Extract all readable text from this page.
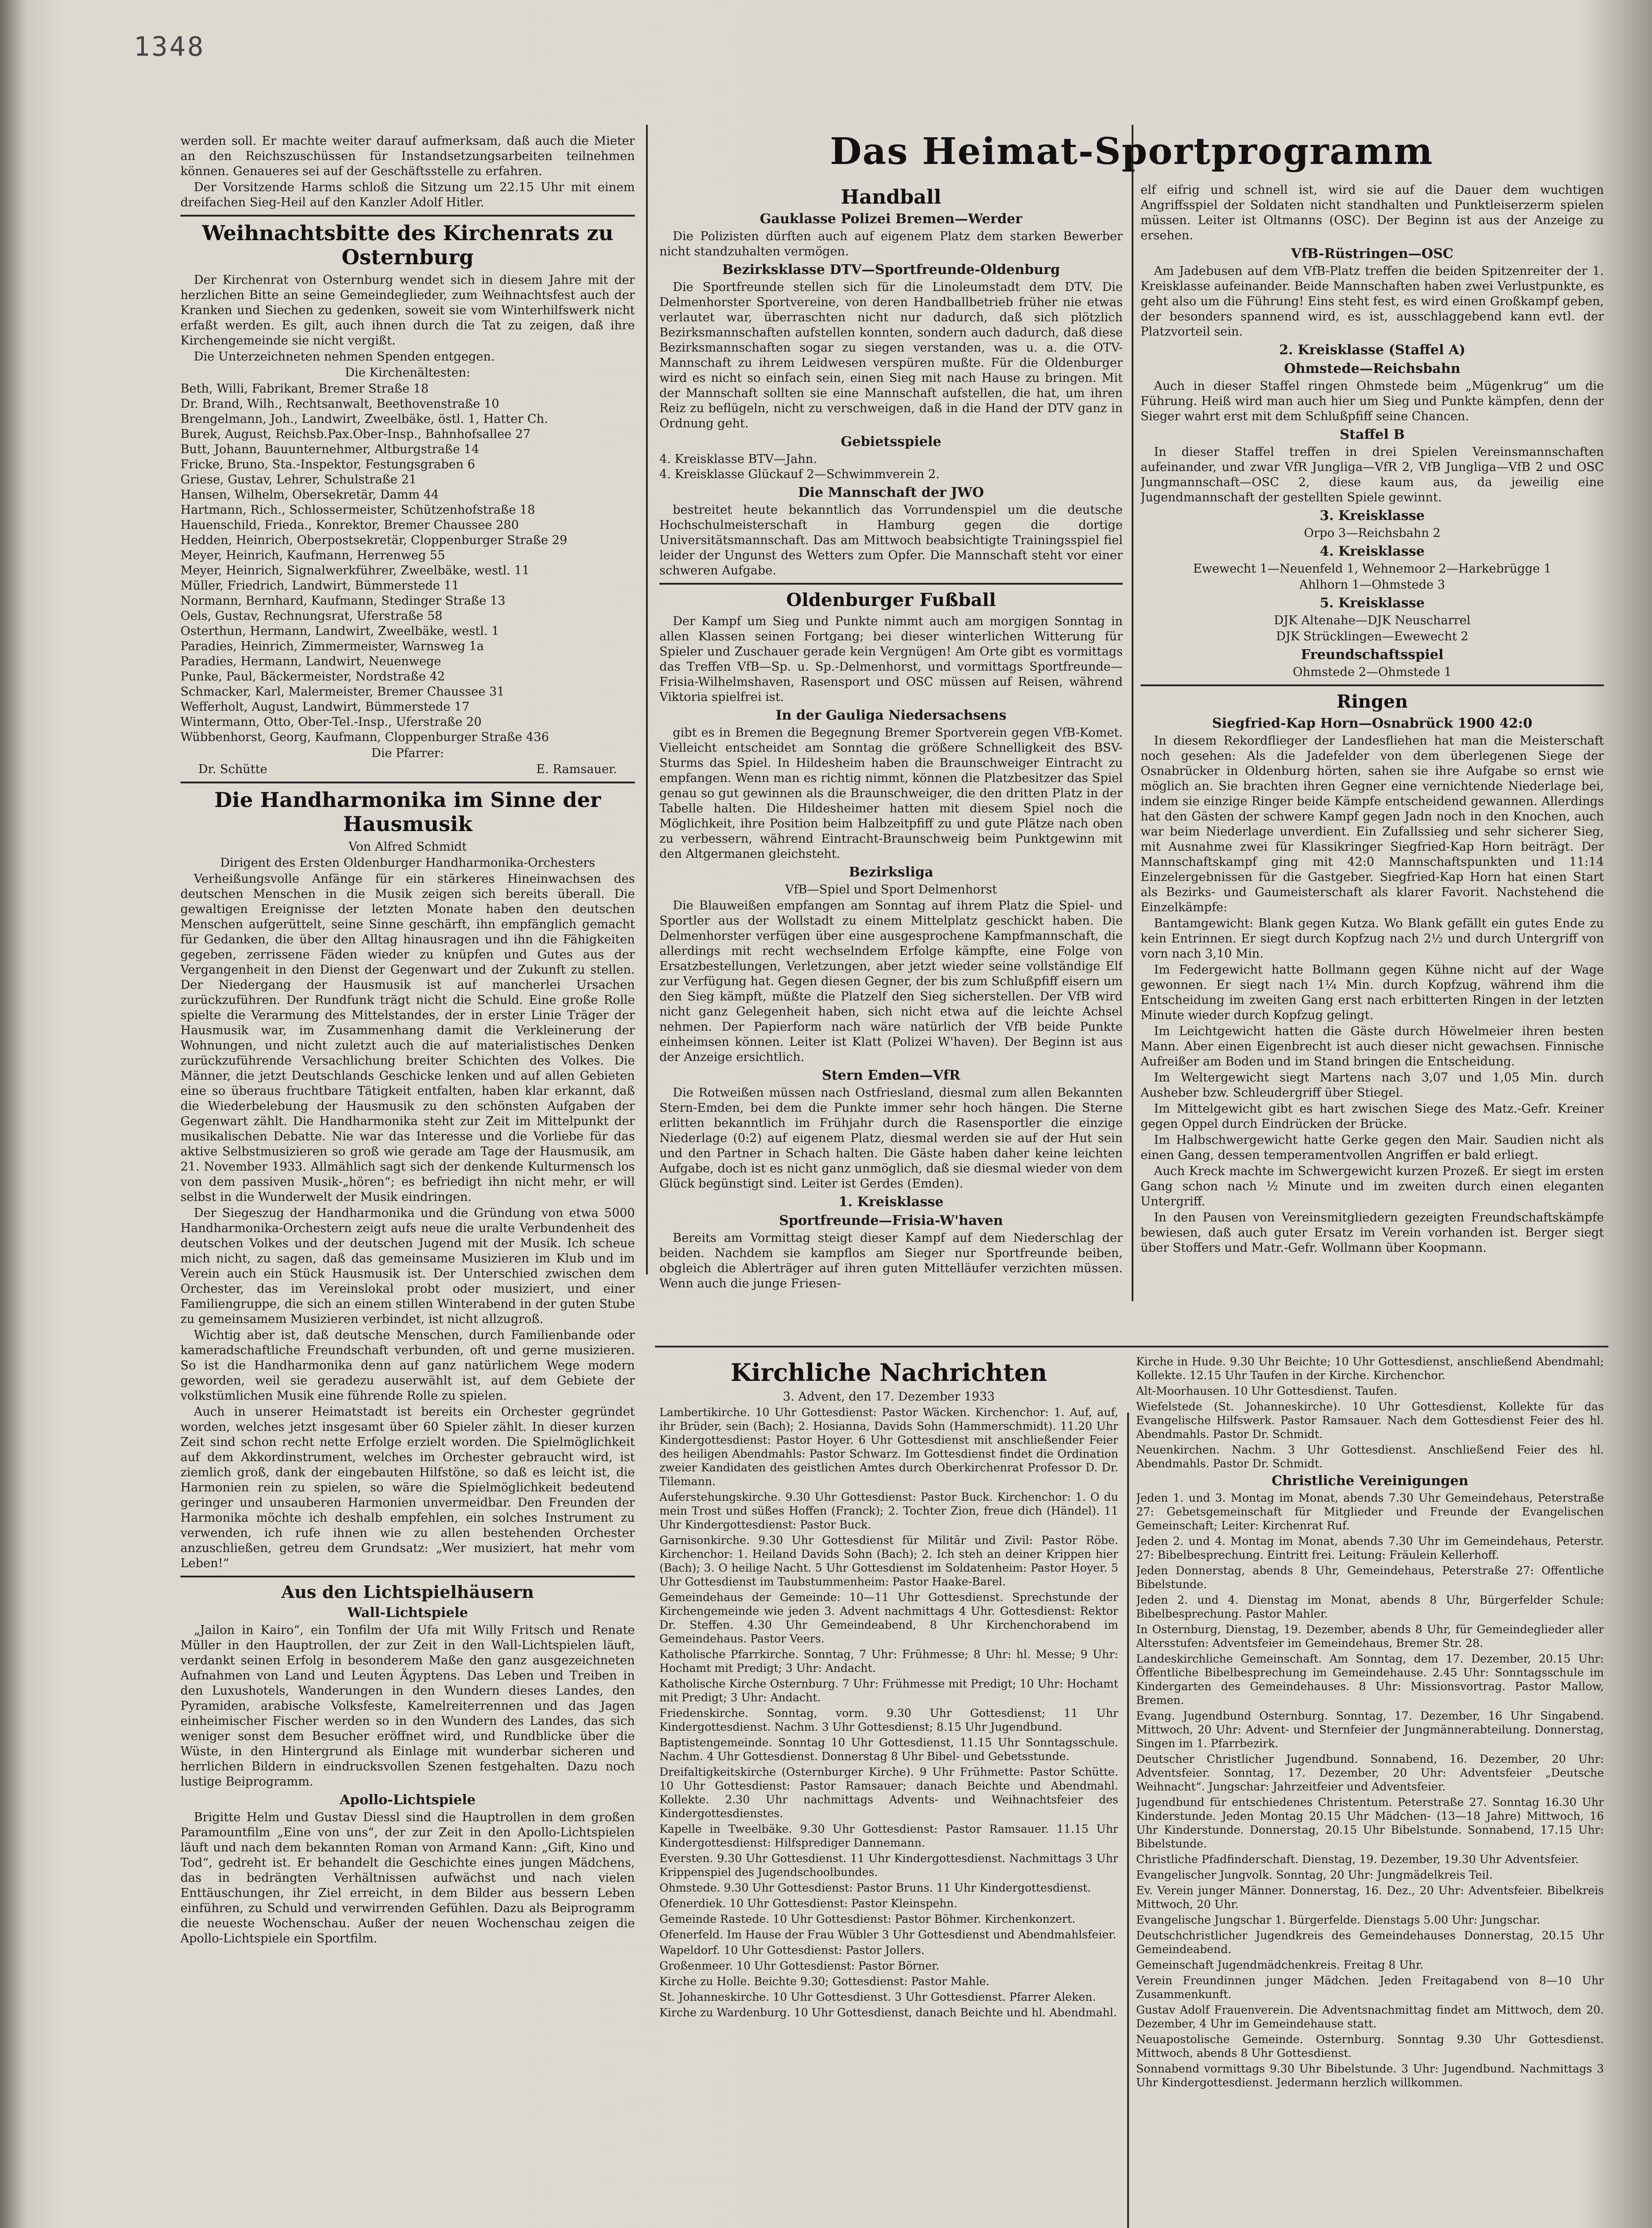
1348

werden soll. Er machte weiter darauf aufmerksam, daß auch die Mieter an den Reichszuschüssen für Instandsetzungsarbeiten teilnehmen können. Genaueres sei auf der Geschäftsstelle zu erfahren.

Der Vorsitzende Harms schloß die Sitzung um 22.15 Uhr mit einem dreifachen Sieg-Heil auf den Kanzler Adolf Hitler.

Weihnachtsbitte des Kirchenrats zu Osternburg

Der Kirchenrat von Osternburg wendet sich in diesem Jahre mit der herzlichen Bitte an seine Gemeindeglieder, zum Weihnachtsfest auch der Kranken und Siechen zu gedenken, soweit sie vom Winterhilfswerk nicht erfaßt werden. Es gilt, auch ihnen durch die Tat zu zeigen, daß ihre Kirchengemeinde sie nicht vergißt.

Die Unterzeichneten nehmen Spenden entgegen.

Die Kirchenältesten:
Beth, Willi, Fabrikant, Bremer Straße 18
Dr. Brand, Wilh., Rechtsanwalt, Beethovenstraße 10
Brengelmann, Joh., Landwirt, Zweelbäke, östl. 1, Hatter Ch.
Burek, August, Reichsb.Pax.Ober-Insp., Bahnhofsallee 27
Butt, Johann, Bauunternehmer, Altburgstraße 14
Fricke, Bruno, Sta.-Inspektor, Festungsgraben 6
Griese, Gustav, Lehrer, Schulstraße 21
Hansen, Wilhelm, Obersekretär, Damm 44
Hartmann, Rich., Schlossermeister, Schützenhofstraße 18
Hauenschild, Frieda., Konrektor, Bremer Chaussee 280
Hedden, Heinrich, Oberpostsekretär, Cloppenburger Straße 29
Meyer, Heinrich, Kaufmann, Herrenweg 55
Meyer, Heinrich, Signalwerkführer, Zweelbäke, westl. 11
Müller, Friedrich, Landwirt, Bümmerstede 11
Normann, Bernhard, Kaufmann, Stedinger Straße 13
Oels, Gustav, Rechnungsrat, Uferstraße 58
Osterthun, Hermann, Landwirt, Zweelbäke, westl. 1
Paradies, Heinrich, Zimmermeister, Warnsweg 1a
Paradies, Hermann, Landwirt, Neuenwege
Punke, Paul, Bäckermeister, Nordstraße 42
Schmacker, Karl, Malermeister, Bremer Chaussee 31
Wefferholt, August, Landwirt, Bümmerstede 17
Wintermann, Otto, Ober-Tel.-Insp., Uferstraße 20
Wübbenhorst, Georg, Kaufmann, Cloppenburger Straße 436
Die Pfarrer:
Dr. Schütte	E. Ramsauer.
Die Handharmonika im Sinne der Hausmusik
Von Alfred Schmidt
Dirigent des Ersten Oldenburger Handharmonika-Orchesters

Verheißungsvolle Anfänge für ein stärkeres Hineinwachsen des deutschen Menschen in die Musik zeigen sich bereits überall. Die gewaltigen Ereignisse der letzten Monate haben den deutschen Menschen aufgerüttelt, seine Sinne geschärft, ihn empfänglich gemacht für Gedanken, die über den Alltag hinausragen und ihn die Fähigkeiten gegeben, zerrissene Fäden wieder zu knüpfen und Gutes aus der Vergangenheit in den Dienst der Gegenwart und der Zukunft zu stellen. Der Niedergang der Hausmusik ist auf mancherlei Ursachen zurückzuführen. Der Rundfunk trägt nicht die Schuld. Eine große Rolle spielte die Verarmung des Mittelstandes, der in erster Linie Träger der Hausmusik war, im Zusammenhang damit die Verkleinerung der Wohnungen, und nicht zuletzt auch die auf materialistisches Denken zurückzuführende Versachlichung breiter Schichten des Volkes. Die Männer, die jetzt Deutschlands Geschicke lenken und auf allen Gebieten eine so überaus fruchtbare Tätigkeit entfalten, haben klar erkannt, daß die Wiederbelebung der Hausmusik zu den schönsten Aufgaben der Gegenwart zählt. Die Handharmonika steht zur Zeit im Mittelpunkt der musikalischen Debatte. Nie war das Interesse und die Vorliebe für das aktive Selbstmusizieren so groß wie gerade am Tage der Hausmusik, am 21. November 1933. Allmählich sagt sich der denkende Kulturmensch los von dem passiven Musik-„hören“; es befriedigt ihn nicht mehr, er will selbst in die Wunderwelt der Musik eindringen.

Der Siegeszug der Handharmonika und die Gründung von etwa 5000 Handharmonika-Orchestern zeigt aufs neue die uralte Verbundenheit des deutschen Volkes und der deutschen Jugend mit der Musik. Ich scheue mich nicht, zu sagen, daß das gemeinsame Musizieren im Klub und im Verein auch ein Stück Hausmusik ist. Der Unterschied zwischen dem Orchester, das im Vereinslokal probt oder musiziert, und einer Familiengruppe, die sich an einem stillen Winterabend in der guten Stube zu gemeinsamem Musizieren verbindet, ist nicht allzugroß.

Wichtig aber ist, daß deutsche Menschen, durch Familienbande oder kameradschaftliche Freundschaft verbunden, oft und gerne musizieren. So ist die Handharmonika denn auf ganz natürlichem Wege modern geworden, weil sie geradezu auserwählt ist, auf dem Gebiete der volkstümlichen Musik eine führende Rolle zu spielen.

Auch in unserer Heimatstadt ist bereits ein Orchester gegründet worden, welches jetzt insgesamt über 60 Spieler zählt. In dieser kurzen Zeit sind schon recht nette Erfolge erzielt worden. Die Spielmöglichkeit auf dem Akkordinstrument, welches im Orchester gebraucht wird, ist ziemlich groß, dank der eingebauten Hilfstöne, so daß es leicht ist, die Harmonien rein zu spielen, so wäre die Spielmöglichkeit bedeutend geringer und unsauberen Harmonien unvermeidbar. Den Freunden der Harmonika möchte ich deshalb empfehlen, ein solches Instrument zu verwenden, ich rufe ihnen wie zu allen bestehenden Orchester anzuschließen, getreu dem Grundsatz: „Wer musiziert, hat mehr vom Leben!“

Aus den Lichtspielhäusern
Wall-Lichtspiele

„Jailon in Kairo“, ein Tonfilm der Ufa mit Willy Fritsch und Renate Müller in den Hauptrollen, der zur Zeit in den Wall-Lichtspielen läuft, verdankt seinen Erfolg in besonderem Maße den ganz ausgezeichneten Aufnahmen von Land und Leuten Ägyptens. Das Leben und Treiben in den Luxushotels, Wanderungen in den Wundern dieses Landes, den Pyramiden, arabische Volksfeste, Kamelreiterrennen und das Jagen einheimischer Fischer werden so in den Wundern des Landes, das sich weniger sonst dem Besucher eröffnet wird, und Rundblicke über die Wüste, in den Hintergrund als Einlage mit wunderbar sicheren und herrlichen Bildern in eindrucksvollen Szenen festgehalten. Dazu noch lustige Beiprogramm.

Apollo-Lichtspiele

Brigitte Helm und Gustav Diessl sind die Hauptrollen in dem großen Paramountfilm „Eine von uns“, der zur Zeit in den Apollo-Lichtspielen läuft und nach dem bekannten Roman von Armand Kann: „Gift, Kino und Tod“, gedreht ist. Er behandelt die Geschichte eines jungen Mädchens, das in bedrängten Verhältnissen aufwächst und nach vielen Enttäuschungen, ihr Ziel erreicht, in dem Bilder aus bessern Leben einführen, zu Schuld und verwirrenden Gefühlen. Dazu als Beiprogramm die neueste Wochenschau. Außer der neuen Wochenschau zeigen die Apollo-Lichtspiele ein Sportfilm.

Das Heimat-Sportprogramm
Handball
Gauklasse Polizei Bremen—Werder

Die Polizisten dürften auch auf eigenem Platz dem starken Bewerber nicht standzuhalten vermögen.

Bezirksklasse DTV—Sportfreunde-Oldenburg

Die Sportfreunde stellen sich für die Linoleumstadt dem DTV. Die Delmenhorster Sportvereine, von deren Handballbetrieb früher nie etwas verlautet war, überraschten nicht nur dadurch, daß sich plötzlich Bezirksmannschaften aufstellen konnten, sondern auch dadurch, daß diese Bezirksmannschaften sogar zu siegen verstanden, was u. a. die OTV-Mannschaft zu ihrem Leidwesen verspüren mußte. Für die Oldenburger wird es nicht so einfach sein, einen Sieg mit nach Hause zu bringen. Mit der Mannschaft sollten sie eine Mannschaft aufstellen, die hat, um ihren Reiz zu beflügeln, nicht zu verschweigen, daß in die Hand der DTV ganz in Ordnung geht.

Gebietsspiele
4. Kreisklasse BTV—Jahn.
4. Kreisklasse Glückauf 2—Schwimmverein 2.
Die Mannschaft der JWO

bestreitet heute bekanntlich das Vorrundenspiel um die deutsche Hochschulmeisterschaft in Hamburg gegen die dortige Universitätsmannschaft. Das am Mittwoch beabsichtigte Trainingsspiel fiel leider der Ungunst des Wetters zum Opfer. Die Mannschaft steht vor einer schweren Aufgabe.

Oldenburger Fußball

Der Kampf um Sieg und Punkte nimmt auch am morgigen Sonntag in allen Klassen seinen Fortgang; bei dieser winterlichen Witterung für Spieler und Zuschauer gerade kein Vergnügen! Am Orte gibt es vormittags das Treffen VfB—Sp. u. Sp.-Delmenhorst, und vormittags Sportfreunde—Frisia-Wilhelmshaven, Rasensport und OSC müssen auf Reisen, während Viktoria spielfrei ist.

In der Gauliga Niedersachsens

gibt es in Bremen die Begegnung Bremer Sportverein gegen VfB-Komet. Vielleicht entscheidet am Sonntag die größere Schnelligkeit des BSV-Sturms das Spiel. In Hildesheim haben die Braunschweiger Eintracht zu empfangen. Wenn man es richtig nimmt, können die Platzbesitzer das Spiel genau so gut gewinnen als die Braunschweiger, die den dritten Platz in der Tabelle halten. Die Hildesheimer hatten mit diesem Spiel noch die Möglichkeit, ihre Position beim Halbzeitpfiff zu und gute Plätze nach oben zu verbessern, während Eintracht-Braunschweig beim Punktgewinn mit den Altgermanen gleichsteht.

Bezirksliga
VfB—Spiel und Sport Delmenhorst

Die Blauweißen empfangen am Sonntag auf ihrem Platz die Spiel- und Sportler aus der Wollstadt zu einem Mittelplatz geschickt haben. Die Delmenhorster verfügen über eine ausgesprochene Kampfmannschaft, die allerdings mit recht wechselndem Erfolge kämpfte, eine Folge von Ersatzbestellungen, Verletzungen, aber jetzt wieder seine vollständige Elf zur Verfügung hat. Gegen diesen Gegner, der bis zum Schlußpfiff eisern um den Sieg kämpft, müßte die Platzelf den Sieg sicherstellen. Der VfB wird nicht ganz Gelegenheit haben, sich nicht etwa auf die leichte Achsel nehmen. Der Papierform nach wäre natürlich der VfB beide Punkte einheimsen können. Leiter ist Klatt (Polizei W'haven). Der Beginn ist aus der Anzeige ersichtlich.

Stern Emden—VfR

Die Rotweißen müssen nach Ostfriesland, diesmal zum allen Bekannten Stern-Emden, bei dem die Punkte immer sehr hoch hängen. Die Sterne erlitten bekanntlich im Frühjahr durch die Rasensportler die einzige Niederlage (0:2) auf eigenem Platz, diesmal werden sie auf der Hut sein und den Partner in Schach halten. Die Gäste haben daher keine leichten Aufgabe, doch ist es nicht ganz unmöglich, daß sie diesmal wieder von dem Glück begünstigt sind. Leiter ist Gerdes (Emden).

1. Kreisklasse
Sportfreunde—Frisia-W'haven

Bereits am Vormittag steigt dieser Kampf auf dem Niederschlag der beiden. Nachdem sie kampflos am Sieger nur Sportfreunde beiben, obgleich die Ablerträger auf ihren guten Mittelläufer verzichten müssen. Wenn auch die junge Friesen-

elf eifrig und schnell ist, wird sie auf die Dauer dem wuchtigen Angriffsspiel der Soldaten nicht standhalten und Punktleiserzerm spielen müssen. Leiter ist Oltmanns (OSC). Der Beginn ist aus der Anzeige zu ersehen.

VfB-Rüstringen—OSC

Am Jadebusen auf dem VfB-Platz treffen die beiden Spitzenreiter der 1. Kreisklasse aufeinander. Beide Mannschaften haben zwei Verlustpunkte, es geht also um die Führung! Eins steht fest, es wird einen Großkampf geben, der besonders spannend wird, es ist, ausschlaggebend kann evtl. der Platzvorteil sein.

2. Kreisklasse (Staffel A)
Ohmstede—Reichsbahn

Auch in dieser Staffel ringen Ohmstede beim „Mügenkrug“ um die Führung. Heiß wird man auch hier um Sieg und Punkte kämpfen, denn der Sieger wahrt erst mit dem Schlußpfiff seine Chancen.

Staffel B

In dieser Staffel treffen in drei Spielen Vereinsmannschaften aufeinander, und zwar VfR Jungliga—VfR 2, VfB Jungliga—VfB 2 und OSC Jungmannschaft—OSC 2, diese kaum aus, da jeweilig eine Jugendmannschaft der gestellten Spiele gewinnt.

3. Kreisklasse
Orpo 3—Reichsbahn 2
4. Kreisklasse
Ewewecht 1—Neuenfeld 1, Wehnemoor 2—Harkebrügge 1
Ahlhorn 1—Ohmstede 3
5. Kreisklasse
DJK Altenahe—DJK Neuscharrel
DJK Strücklingen—Ewewecht 2
Freundschaftsspiel
Ohmstede 2—Ohmstede 1
Ringen
Siegfried-Kap Horn—Osnabrück 1900 42:0

In diesem Rekordflieger der Landesfliehen hat man die Meisterschaft noch gesehen: Als die Jadefelder von dem überlegenen Siege der Osnabrücker in Oldenburg hörten, sahen sie ihre Aufgabe so ernst wie möglich an. Sie brachten ihren Gegner eine vernichtende Niederlage bei, indem sie einzige Ringer beide Kämpfe entscheidend gewannen. Allerdings hat den Gästen der schwere Kampf gegen Jadn noch in den Knochen, auch war beim Niederlage unverdient. Ein Zufallssieg und sehr sicherer Sieg, mit Ausnahme zwei für Klassikringer Siegfried-Kap Horn beiträgt. Der Mannschaftskampf ging mit 42:0 Mannschaftspunkten und 11:14 Einzelergebnissen für die Gastgeber. Siegfried-Kap Horn hat einen Start als Bezirks- und Gaumeisterschaft als klarer Favorit. Nachstehend die Einzelkämpfe:

Bantamgewicht: Blank gegen Kutza. Wo Blank gefällt ein gutes Ende zu kein Entrinnen. Er siegt durch Kopfzug nach 2½ und durch Untergriff von vorn nach 3,10 Min.

Im Federgewicht hatte Bollmann gegen Kühne nicht auf der Wage gewonnen. Er siegt nach 1¼ Min. durch Kopfzug, während ihm die Entscheidung im zweiten Gang erst nach erbitterten Ringen in der letzten Minute wieder durch Kopfzug gelingt.

Im Leichtgewicht hatten die Gäste durch Höwelmeier ihren besten Mann. Aber einen Eigenbrecht ist auch dieser nicht gewachsen. Finnische Aufreißer am Boden und im Stand bringen die Entscheidung.

Im Weltergewicht siegt Martens nach 3,07 und 1,05 Min. durch Ausheber bzw. Schleudergriff über Stiegel.

Im Mittelgewicht gibt es hart zwischen Siege des Matz.-Gefr. Kreiner gegen Oppel durch Eindrücken der Brücke.

Im Halbschwergewicht hatte Gerke gegen den Mair. Saudien nicht als einen Gang, dessen temperamentvollen Angriffen er bald erliegt.

Auch Kreck machte im Schwergewicht kurzen Prozeß. Er siegt im ersten Gang schon nach ½ Minute und im zweiten durch einen eleganten Untergriff.

In den Pausen von Vereinsmitgliedern gezeigten Freundschaftskämpfe bewiesen, daß auch guter Ersatz im Verein vorhanden ist. Berger siegt über Stoffers und Matr.-Gefr. Wollmann über Koopmann.

Kirchliche Nachrichten
3. Advent, den 17. Dezember 1933

Lambertikirche. 10 Uhr Gottesdienst: Pastor Wäcken. Kirchenchor: 1. Auf, auf, ihr Brüder, sein (Bach); 2. Hosianna, Davids Sohn (Hammerschmidt). 11.20 Uhr Kindergottesdienst: Pastor Hoyer. 6 Uhr Gottesdienst mit anschließender Feier des heiligen Abendmahls: Pastor Schwarz. Im Gottesdienst findet die Ordination zweier Kandidaten des geistlichen Amtes durch Oberkirchenrat Professor D. Dr. Tilemann.

Auferstehungskirche. 9.30 Uhr Gottesdienst: Pastor Buck. Kirchenchor: 1. O du mein Trost und süßes Hoffen (Franck); 2. Tochter Zion, freue dich (Händel). 11 Uhr Kindergottesdienst: Pastor Buck.

Garnisonkirche. 9.30 Uhr Gottesdienst für Militär und Zivil: Pastor Röbe. Kirchenchor: 1. Heiland Davids Sohn (Bach); 2. Ich steh an deiner Krippen hier (Bach); 3. O heilige Nacht. 5 Uhr Gottesdienst im Soldatenheim: Pastor Hoyer. 5 Uhr Gottesdienst im Taubstummenheim: Pastor Haake-Barel.

Gemeindehaus der Gemeinde: 10—11 Uhr Gottesdienst. Sprechstunde der Kirchengemeinde wie jeden 3. Advent nachmittags 4 Uhr. Gottesdienst: Rektor Dr. Steffen. 4.30 Uhr Gemeindeabend, 8 Uhr Kirchenchorabend im Gemeindehaus. Pastor Veers.

Katholische Pfarrkirche. Sonntag, 7 Uhr: Frühmesse; 8 Uhr: hl. Messe; 9 Uhr: Hochamt mit Predigt; 3 Uhr: Andacht.

Katholische Kirche Osternburg. 7 Uhr: Frühmesse mit Predigt; 10 Uhr: Hochamt mit Predigt; 3 Uhr: Andacht.

Friedenskirche. Sonntag, vorm. 9.30 Uhr Gottesdienst; 11 Uhr Kindergottesdienst. Nachm. 3 Uhr Gottesdienst; 8.15 Uhr Jugendbund.

Baptistengemeinde. Sonntag 10 Uhr Gottesdienst, 11.15 Uhr Sonntagsschule. Nachm. 4 Uhr Gottesdienst. Donnerstag 8 Uhr Bibel- und Gebetsstunde.

Dreifaltigkeitskirche (Osternburger Kirche). 9 Uhr Frühmette: Pastor Schütte. 10 Uhr Gottesdienst: Pastor Ramsauer; danach Beichte und Abendmahl. Kollekte. 2.30 Uhr nachmittags Advents- und Weihnachtsfeier des Kindergottesdienstes.

Kapelle in Tweelbäke. 9.30 Uhr Gottesdienst: Pastor Ramsauer. 11.15 Uhr Kindergottesdienst: Hilfsprediger Dannemann.

Eversten. 9.30 Uhr Gottesdienst. 11 Uhr Kindergottesdienst. Nachmittags 3 Uhr Krippenspiel des Jugendschoolbundes.

Ohmstede. 9.30 Uhr Gottesdienst: Pastor Bruns. 11 Uhr Kindergottesdienst.

Ofenerdiek. 10 Uhr Gottesdienst: Pastor Kleinspehn.

Gemeinde Rastede. 10 Uhr Gottesdienst: Pastor Böhmer. Kirchenkonzert.

Ofenerfeld. Im Hause der Frau Wübler 3 Uhr Gottesdienst und Abendmahlsfeier.

Wapeldorf. 10 Uhr Gottesdienst: Pastor Jollers.

Großenmeer. 10 Uhr Gottesdienst: Pastor Börner.

Kirche zu Holle. Beichte 9.30; Gottesdienst: Pastor Mahle.

St. Johanneskirche. 10 Uhr Gottesdienst. 3 Uhr Gottesdienst. Pfarrer Aleken.

Kirche zu Wardenburg. 10 Uhr Gottesdienst, danach Beichte und hl. Abendmahl.

Kirche in Hude. 9.30 Uhr Beichte; 10 Uhr Gottesdienst, anschließend Abendmahl; Kollekte. 12.15 Uhr Taufen in der Kirche. Kirchenchor.

Alt-Moorhausen. 10 Uhr Gottesdienst. Taufen.

Wiefelstede (St. Johanneskirche). 10 Uhr Gottesdienst, Kollekte für das Evangelische Hilfswerk. Pastor Ramsauer. Nach dem Gottesdienst Feier des hl. Abendmahls. Pastor Dr. Schmidt.

Neuenkirchen. Nachm. 3 Uhr Gottesdienst. Anschließend Feier des hl. Abendmahls. Pastor Dr. Schmidt.

Christliche Vereinigungen

Jeden 1. und 3. Montag im Monat, abends 7.30 Uhr Gemeindehaus, Peterstraße 27: Gebetsgemeinschaft für Mitglieder und Freunde der Evangelischen Gemeinschaft; Leiter: Kirchenrat Ruf.

Jeden 2. und 4. Montag im Monat, abends 7.30 Uhr im Gemeindehaus, Peterstr. 27: Bibelbesprechung. Eintritt frei. Leitung: Fräulein Kellerhoff.

Jeden Donnerstag, abends 8 Uhr, Gemeindehaus, Peterstraße 27: Offentliche Bibelstunde.

Jeden 2. und 4. Dienstag im Monat, abends 8 Uhr, Bürgerfelder Schule: Bibelbesprechung. Pastor Mahler.

In Osternburg, Dienstag, 19. Dezember, abends 8 Uhr, für Gemeindeglieder aller Altersstufen: Adventsfeier im Gemeindehaus, Bremer Str. 28.

Landeskirchliche Gemeinschaft. Am Sonntag, dem 17. Dezember, 20.15 Uhr: Öffentliche Bibelbesprechung im Gemeindehause. 2.45 Uhr: Sonntagsschule im Kindergarten des Gemeindehauses. 8 Uhr: Missionsvortrag. Pastor Mallow, Bremen.

Evang. Jugendbund Osternburg. Sonntag, 17. Dezember, 16 Uhr Singabend. Mittwoch, 20 Uhr: Advent- und Sternfeier der Jungmännerabteilung. Donnerstag, Singen im 1. Pfarrbezirk.

Deutscher Christlicher Jugendbund. Sonnabend, 16. Dezember, 20 Uhr: Adventsfeier. Sonntag, 17. Dezember, 20 Uhr: Adventsfeier „Deutsche Weihnacht“. Jungschar: Jahrzeitfeier und Adventsfeier.

Jugendbund für entschiedenes Christentum. Peterstraße 27. Sonntag 16.30 Uhr Kinderstunde. Jeden Montag 20.15 Uhr Mädchen- (13—18 Jahre) Mittwoch, 16 Uhr Kinderstunde. Donnerstag, 20.15 Uhr Bibelstunde. Sonnabend, 17.15 Uhr: Bibelstunde.

Christliche Pfadfinderschaft. Dienstag, 19. Dezember, 19.30 Uhr Adventsfeier.

Evangelischer Jungvolk. Sonntag, 20 Uhr: Jungmädelkreis Teil.

Ev. Verein junger Männer. Donnerstag, 16. Dez., 20 Uhr: Adventsfeier. Bibelkreis Mittwoch, 20 Uhr.

Evangelische Jungschar 1. Bürgerfelde. Dienstags 5.00 Uhr: Jungschar.

Deutschchristlicher Jugendkreis des Gemeindehauses Donnerstag, 20.15 Uhr Gemeindeabend.

Gemeinschaft Jugendmädchenkreis. Freitag 8 Uhr.

Verein Freundinnen junger Mädchen. Jeden Freitagabend von 8—10 Uhr Zusammenkunft.

Gustav Adolf Frauenverein. Die Adventsnachmittag findet am Mittwoch, dem 20. Dezember, 4 Uhr im Gemeindehause statt.

Neuapostolische Gemeinde. Osternburg. Sonntag 9.30 Uhr Gottesdienst. Mittwoch, abends 8 Uhr Gottesdienst.

Sonnabend vormittags 9.30 Uhr Bibelstunde. 3 Uhr: Jugendbund. Nachmittags 3 Uhr Kindergottesdienst. Jedermann herzlich willkommen.
